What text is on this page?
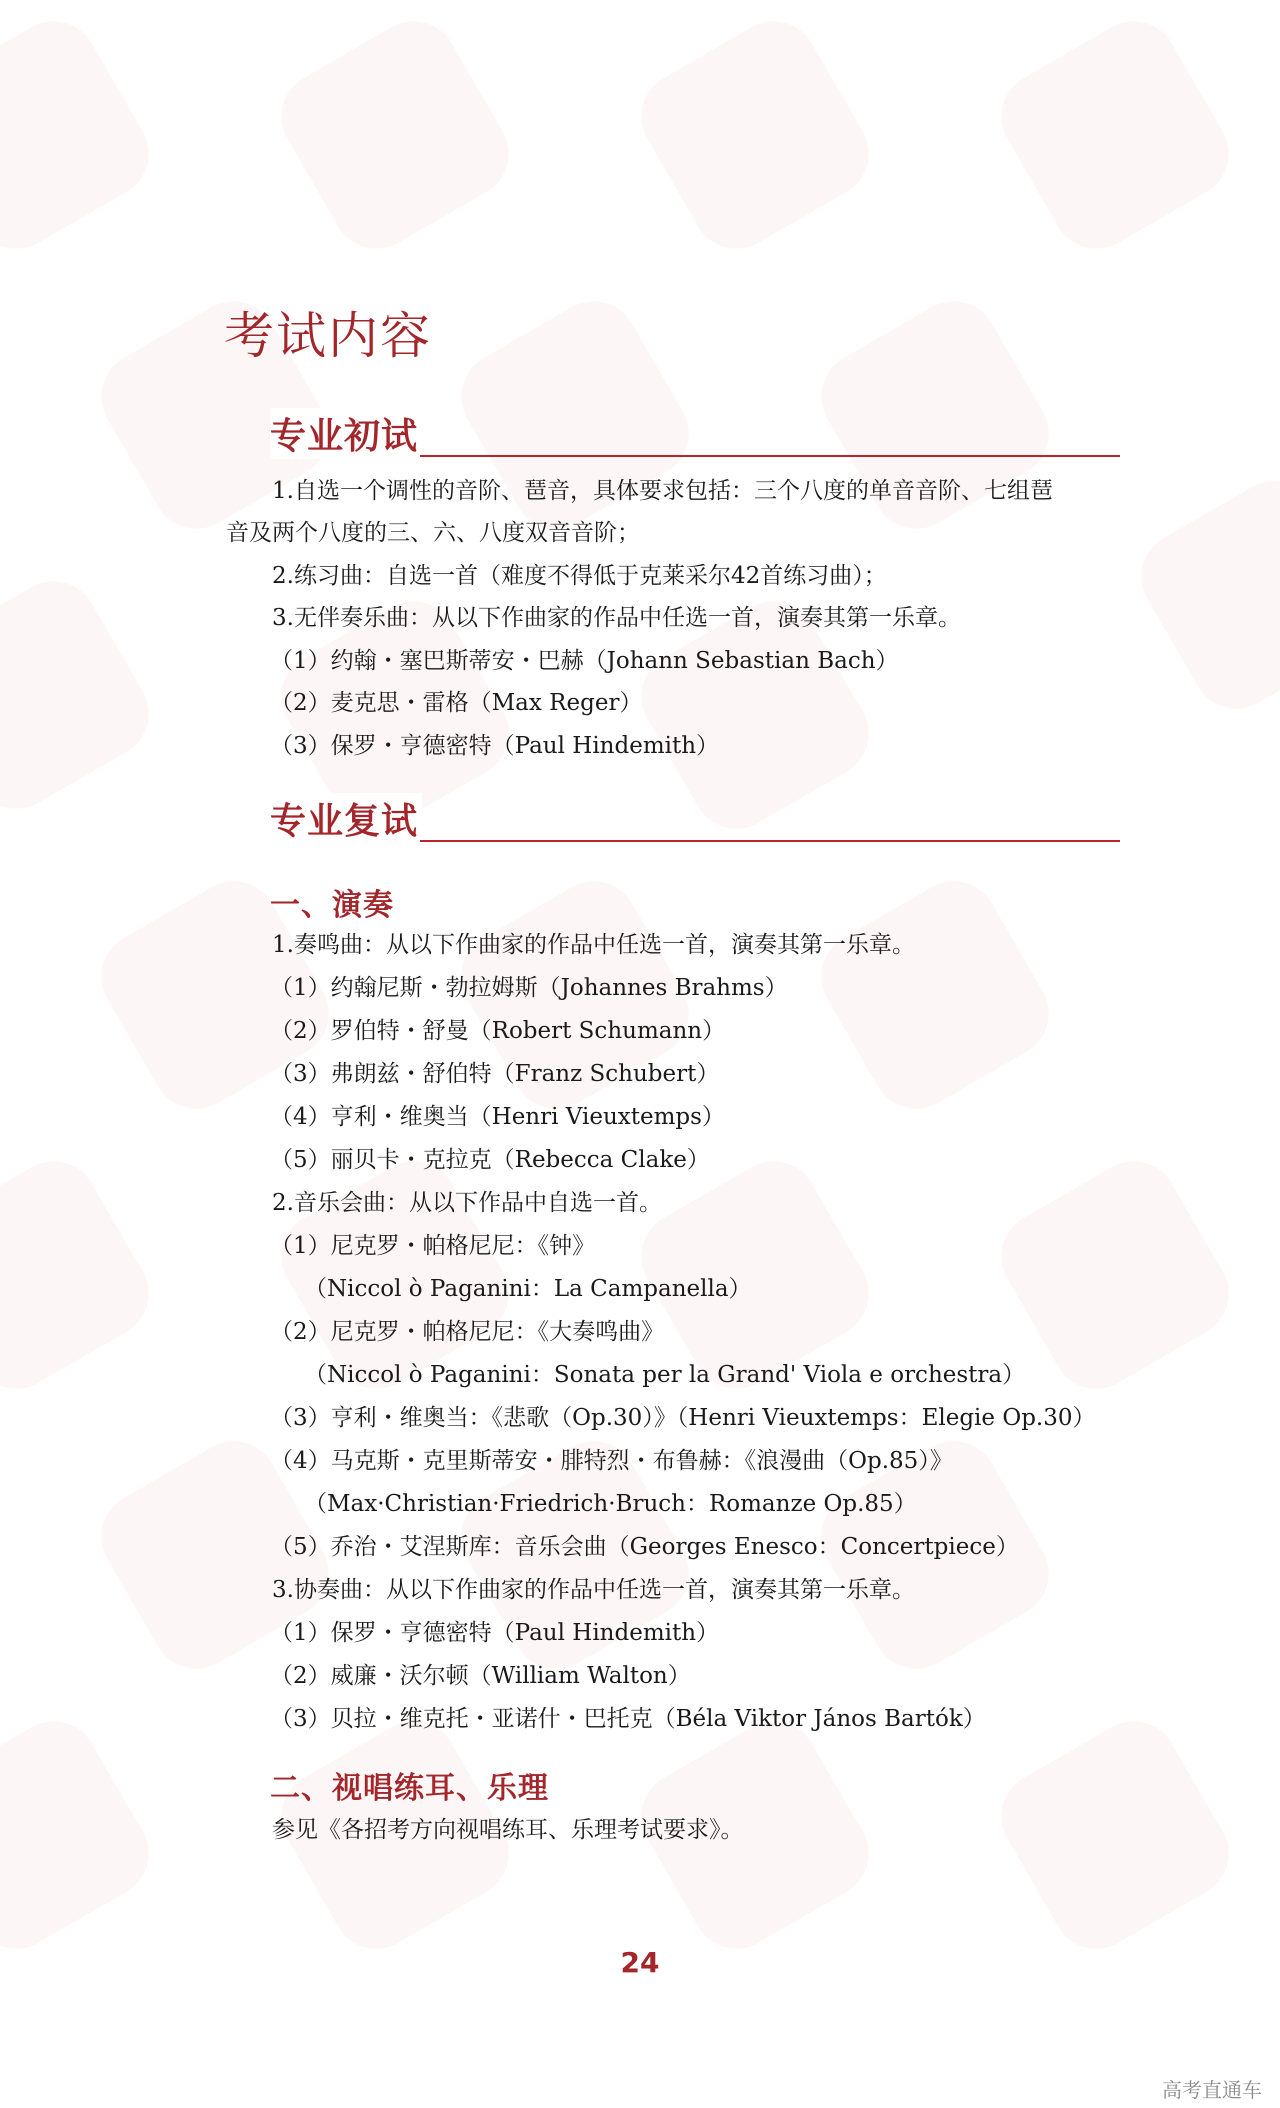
考试内容
专业初试
1.自选一个调性的音阶、琶音，具体要求包括：三个八度的单音音阶、七组琶
音及两个八度的三、六、八度双音音阶；
2.练习曲：自选一首（难度不得低于克莱采尔42首练习曲）；
3.无伴奏乐曲：从以下作曲家的作品中任选一首，演奏其第一乐章。
（1）约翰・塞巴斯蒂安・巴赫（Johann Sebastian Bach）
（2）麦克思・雷格（Max Reger）
（3）保罗・亨德密特（Paul Hindemith）
专业复试
一、演奏
1.奏鸣曲：从以下作曲家的作品中任选一首，演奏其第一乐章。
（1）约翰尼斯・勃拉姆斯（Johannes Brahms）
（2）罗伯特・舒曼（Robert Schumann）
（3）弗朗兹・舒伯特（Franz Schubert）
（4）亨利・维奥当（Henri Vieuxtemps）
（5）丽贝卡・克拉克（Rebecca Clake）
2.音乐会曲：从以下作品中自选一首。
（1）尼克罗・帕格尼尼：《钟》
（Niccol ò Paganini：La Campanella）
（2）尼克罗・帕格尼尼：《大奏鸣曲》
（Niccol ò Paganini：Sonata per la Grand' Viola e orchestra）
（3）亨利・维奥当：《悲歌（Op.30）》（Henri Vieuxtemps：Elegie Op.30）
（4）马克斯・克里斯蒂安・腓特烈・布鲁赫：《浪漫曲（Op.85）》
（Max·Christian·Friedrich·Bruch：Romanze Op.85）
（5）乔治・艾涅斯库：音乐会曲（Georges Enesco：Concertpiece）
3.协奏曲：从以下作曲家的作品中任选一首，演奏其第一乐章。
（1）保罗・亨德密特（Paul Hindemith）
（2）威廉・沃尔顿（William Walton）
（3）贝拉・维克托・亚诺什・巴托克（Béla Viktor János Bartók）
二、视唱练耳、乐理
参见《各招考方向视唱练耳、乐理考试要求》。
24
高考直通车
